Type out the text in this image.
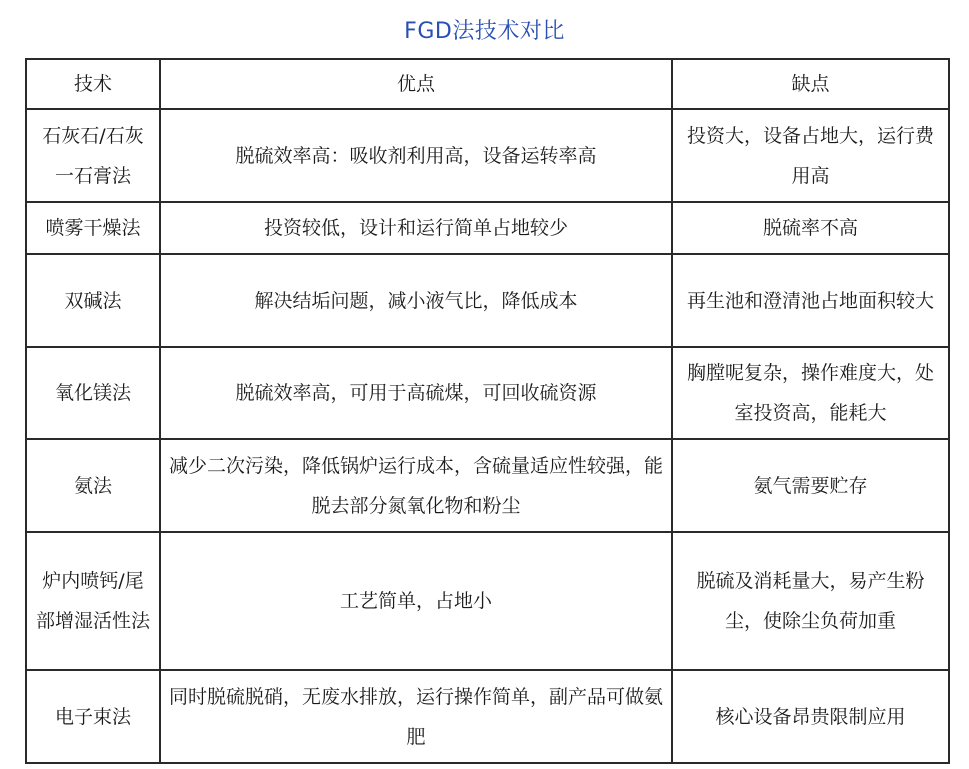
FGD法技术对比
技术	优点	缺点
石灰石/石灰一石膏法	脱硫效率高：吸收剂利用高，设备运转率高	投资大，设备占地大，运行费用高
喷雾干燥法	投资较低，设计和运行简单占地较少	脱硫率不高
双碱法	解决结垢问题，减小液气比，降低成本	再生池和澄清池占地面积较大
氧化镁法	脱硫效率高，可用于高硫煤，可回收硫资源	胸膛呢复杂，操作难度大，处室投资高，能耗大
氨法	减少二次污染，降低锅炉运行成本，含硫量适应性较强，能脱去部分氮氧化物和粉尘	氨气需要贮存
炉内喷钙/尾部增湿活性法	工艺简单，占地小	脱硫及消耗量大，易产生粉尘，使除尘负荷加重
电子束法	同时脱硫脱硝，无废水排放，运行操作简单，副产品可做氨肥	核心设备昂贵限制应用
